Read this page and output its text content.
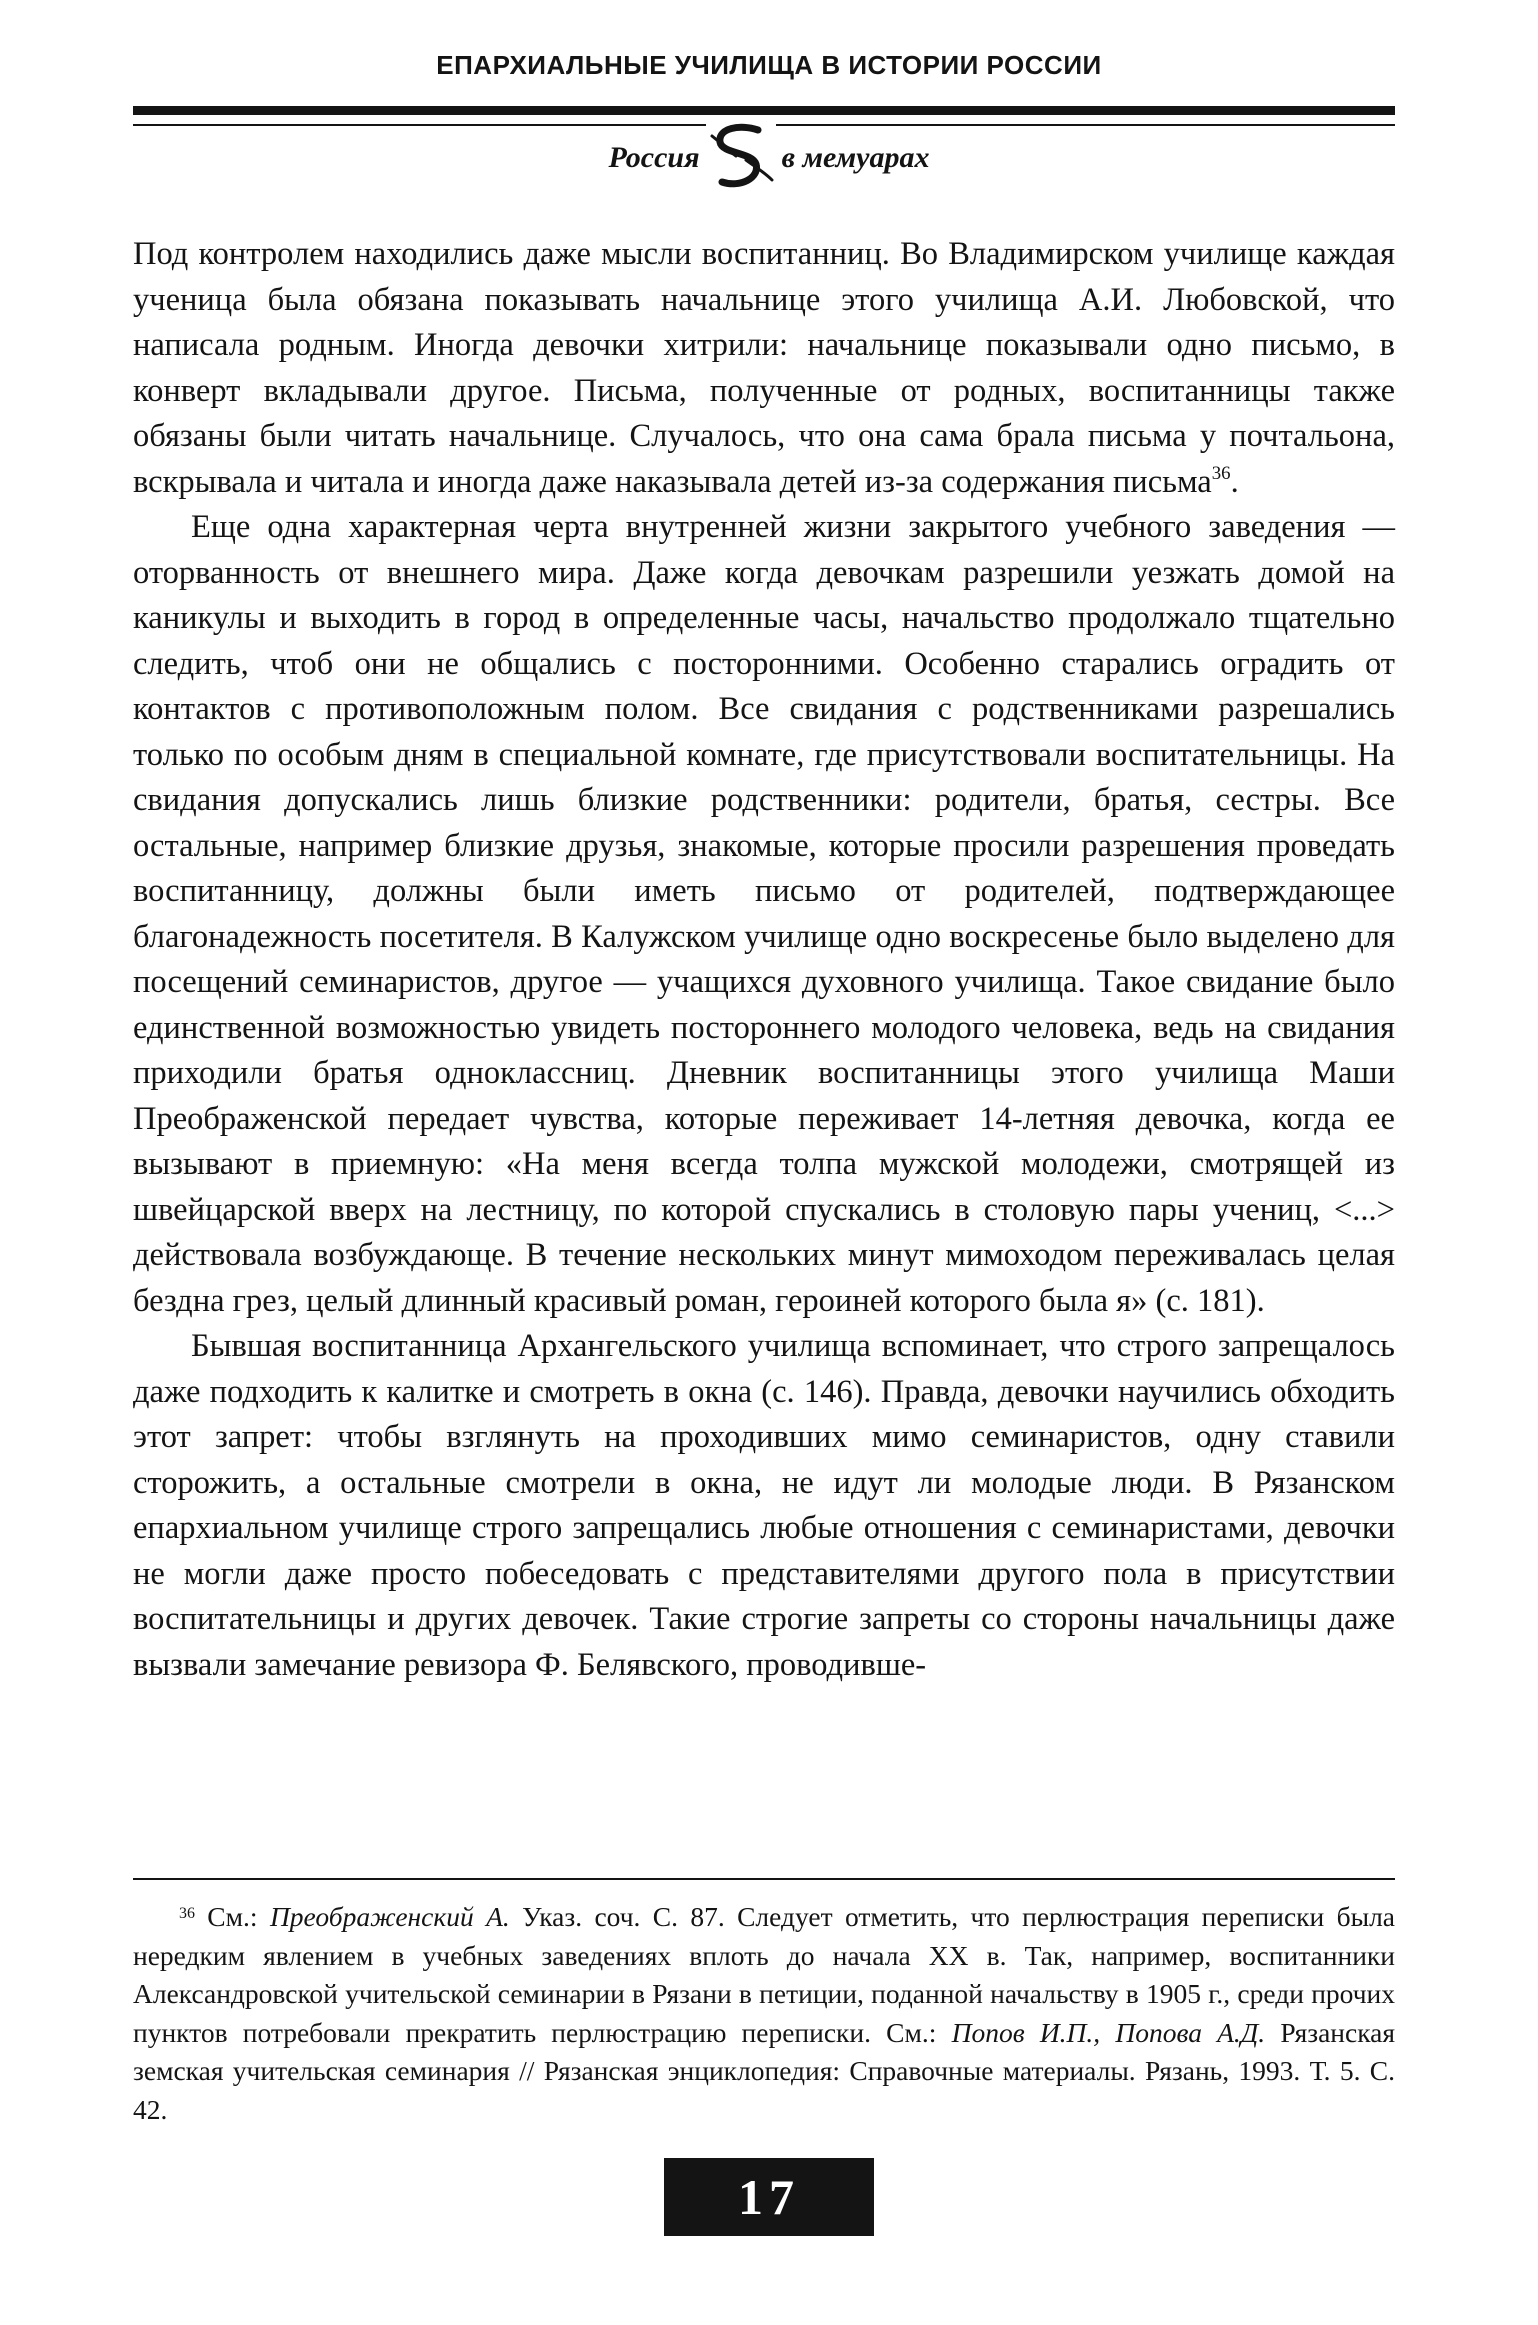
ЕПАРХИАЛЬНЫЕ УЧИЛИЩА В ИСТОРИИ РОССИИ
Россия	в мемуарах

Под контролем находились даже мысли воспитанниц. Во Владимирском училище каждая ученица была обязана показывать начальнице этого училища А.И. Любовской, что написала родным. Иногда девочки хитрили: начальнице показывали одно письмо, в конверт вкладывали другое. Письма, полученные от родных, воспитанницы также обязаны были читать начальнице. Случалось, что она сама брала письма у почтальона, вскрывала и читала и иногда даже наказывала детей из-за содержания письма$^{36}$.

Еще одна характерная черта внутренней жизни закрытого учебного заведения — оторванность от внешнего мира. Даже когда девочкам разрешили уезжать домой на каникулы и выходить в город в определенные часы, начальство продолжало тщательно следить, чтоб они не общались с посторонними. Особенно старались оградить от контактов с противоположным полом. Все свидания с родственниками разрешались только по особым дням в специальной комнате, где присутствовали воспитательницы. На свидания допускались лишь близкие родственники: родители, братья, сестры. Все остальные, например близкие друзья, знакомые, которые просили разрешения проведать воспитанницу, должны были иметь письмо от родителей, подтверждающее благонадежность посетителя. В Калужском училище одно воскресенье было выделено для посещений семинаристов, другое — учащихся духовного училища. Такое свидание было единственной возможностью увидеть постороннего молодого человека, ведь на свидания приходили братья одноклассниц. Дневник воспитанницы этого училища Маши Преображенской передает чувства, которые переживает 14-летняя девочка, когда ее вызывают в приемную: «На меня всегда толпа мужской молодежи, смотрящей из швейцарской вверх на лестницу, по которой спускались в столовую пары учениц, <...> действовала возбуждающе. В течение нескольких минут мимоходом переживалась целая бездна грез, целый длинный красивый роман, героиней которого была я» (с. 181).

Бывшая воспитанница Архангельского училища вспоминает, что строго запрещалось даже подходить к калитке и смотреть в окна (с. 146). Правда, девочки научились обходить этот запрет: чтобы взглянуть на проходивших мимо семинаристов, одну ставили сторожить, а остальные смотрели в окна, не идут ли молодые люди. В Рязанском епархиальном училище строго запрещались любые отношения с семинаристами, девочки не могли даже просто побеседовать с представителями другого пола в присутствии воспитательницы и других девочек. Такие строгие запреты со стороны начальницы даже вызвали замечание ревизора Ф. Белявского, проводивше-

$^{36}$ См.: Преображенский А. Указ. соч. С. 87. Следует отметить, что перлюстрация переписки была нередким явлением в учебных заведениях вплоть до начала XX в. Так, например, воспитанники Александровской учительской семинарии в Рязани в петиции, поданной начальству в 1905 г., среди прочих пунктов потребовали прекратить перлюстрацию переписки. См.: Попов И.П., Попова А.Д. Рязанская земская учительская семинария // Рязанская энциклопедия: Справочные материалы. Рязань, 1993. Т. 5. С. 42.
17
